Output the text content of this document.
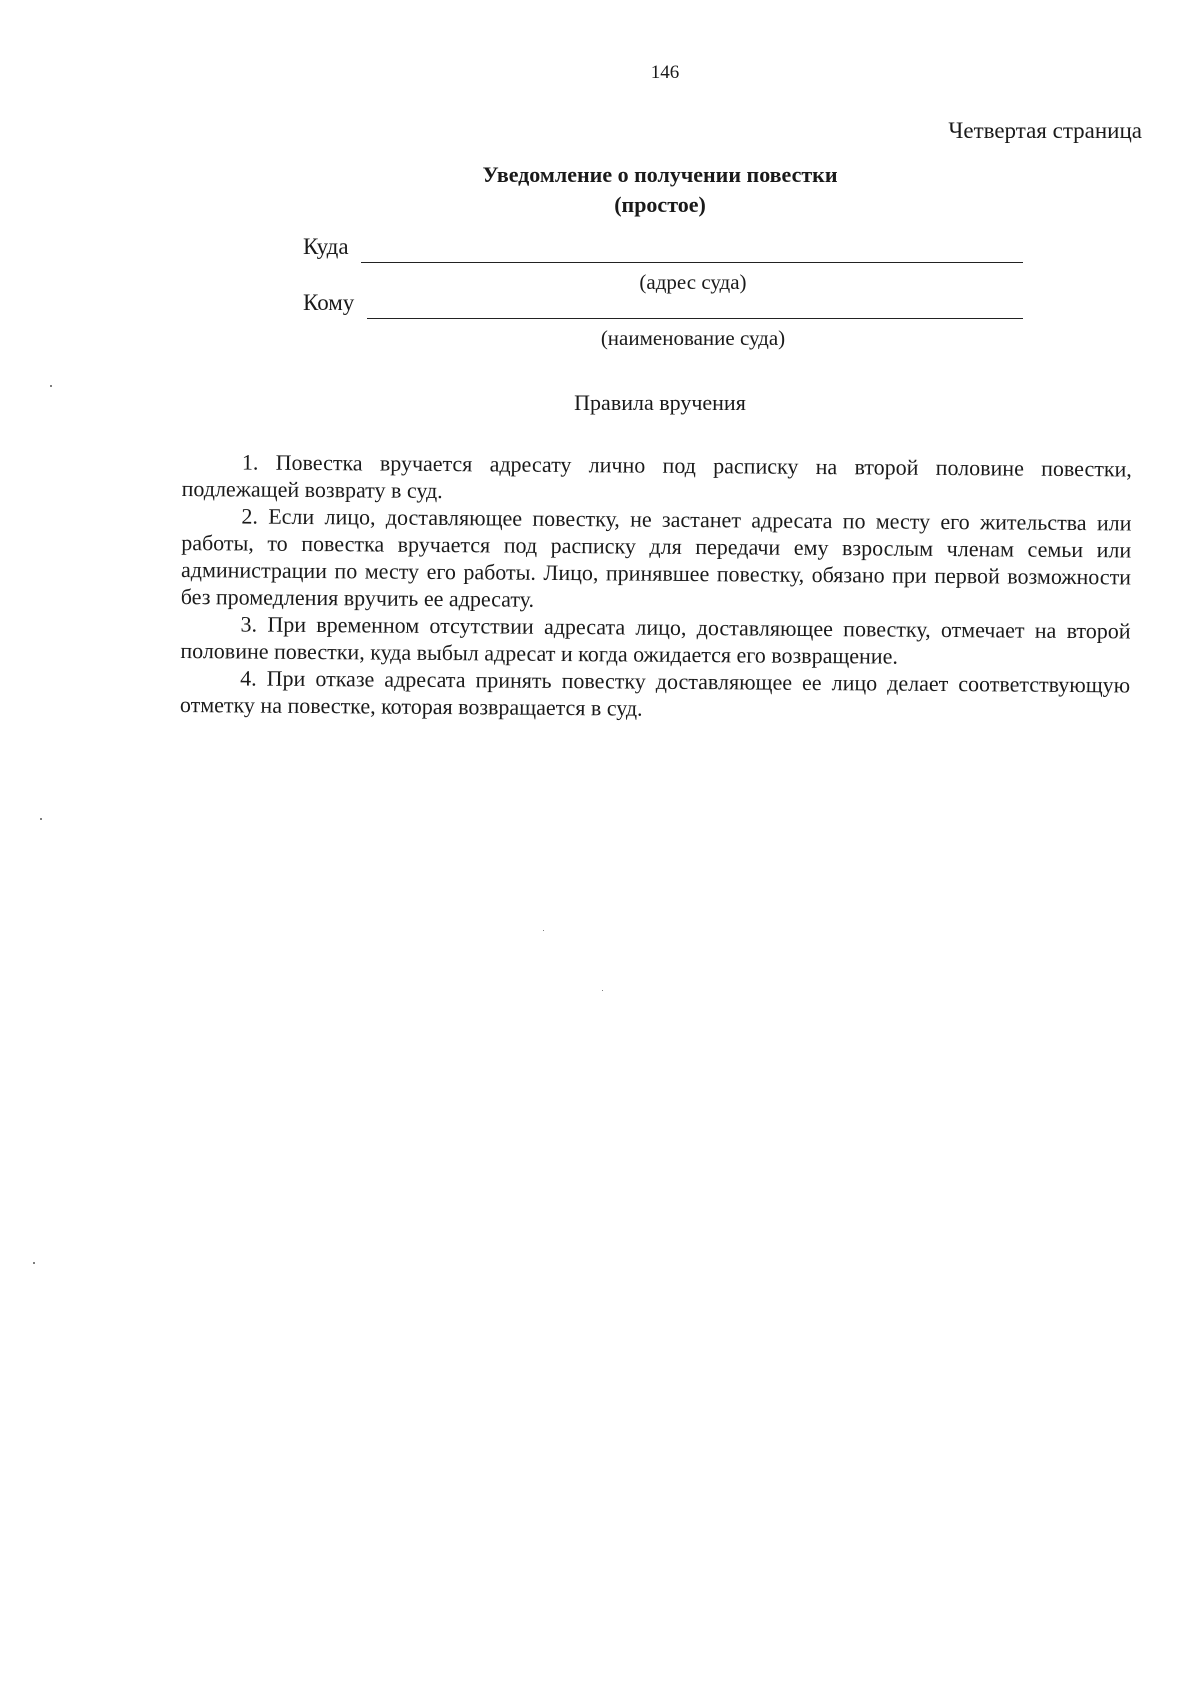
146
Четвертая страница
Уведомление о получении повестки
(простое)
Куда
(адрес суда)
Кому
(наименование суда)
Правила вручения

1. Повестка вручается адресату лично под расписку на второй половине повестки, подлежащей возврату в суд.

2. Если лицо, доставляющее повестку, не застанет адресата по месту его жительства или работы, то повестка вручается под расписку для передачи ему взрослым членам семьи или администрации по месту его работы. Лицо, принявшее повестку, обязано при первой возможности без промедления вручить ее адресату.

3. При временном отсутствии адресата лицо, доставляющее повестку, отмечает на второй половине повестки, куда выбыл адресат и когда ожидается его возвращение.

4. При отказе адресата принять повестку доставляющее ее лицо делает соответствующую отметку на повестке, которая возвращается в суд.
